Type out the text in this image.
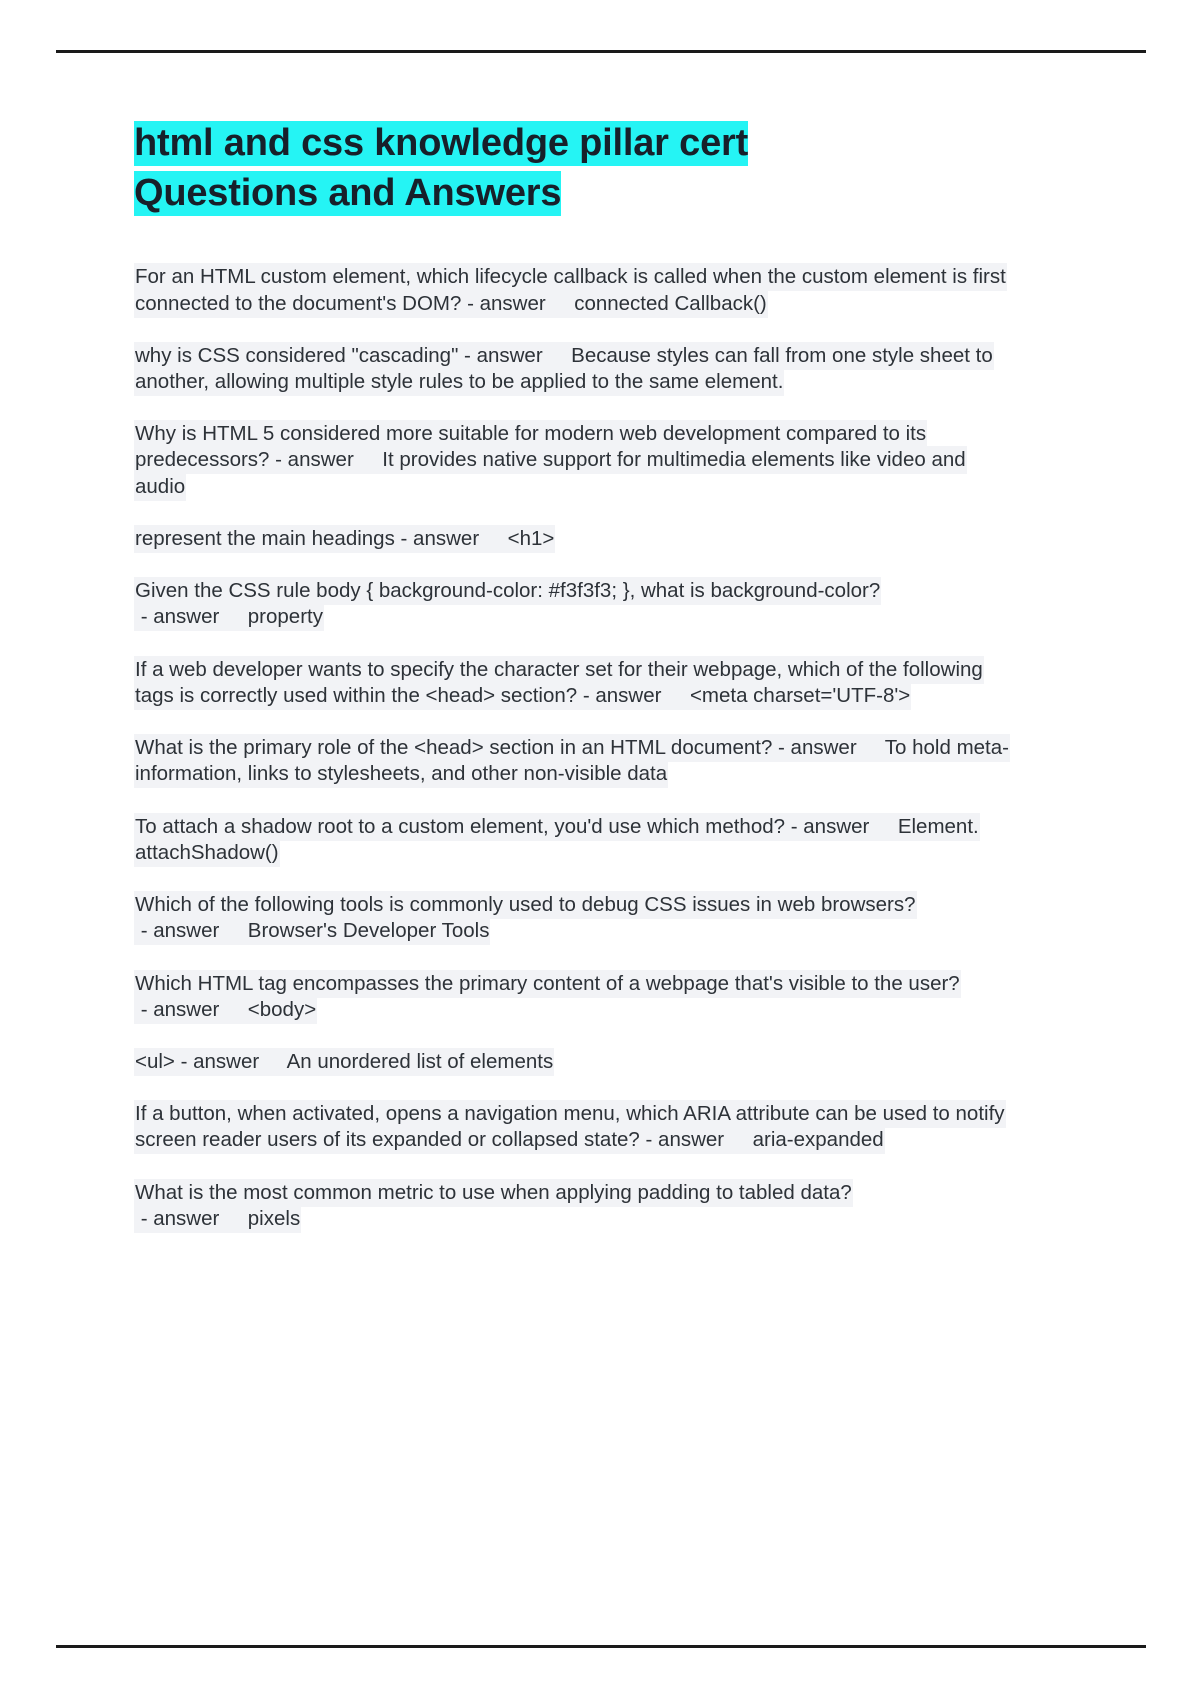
html and css knowledge pillar cert
Questions and Answers

For an HTML custom element, which lifecycle callback is called when the custom element is first connected to the document's DOM? - answer     connected Callback()

why is CSS considered "cascading" - answer     Because styles can fall from one style sheet to another, allowing multiple style rules to be applied to the same element.

Why is HTML 5 considered more suitable for modern web development compared to its predecessors? - answer     It provides native support for multimedia elements like video and audio

represent the main headings - answer     <h1>

Given the CSS rule body { background-color: #f3f3f3; }, what is background-color? - answer     property

If a web developer wants to specify the character set for their webpage, which of the following tags is correctly used within the <head> section? - answer     <meta charset='UTF-8'>

What is the primary role of the <head> section in an HTML document? - answer     To hold meta-information, links to stylesheets, and other non-visible data

To attach a shadow root to a custom element, you'd use which method? - answer     Element. attachShadow()

Which of the following tools is commonly used to debug CSS issues in web browsers? - answer     Browser's Developer Tools

Which HTML tag encompasses the primary content of a webpage that's visible to the user? - answer     <body>

<ul> - answer     An unordered list of elements

If a button, when activated, opens a navigation menu, which ARIA attribute can be used to notify screen reader users of its expanded or collapsed state? - answer     aria-expanded

What is the most common metric to use when applying padding to tabled data? - answer     pixels
